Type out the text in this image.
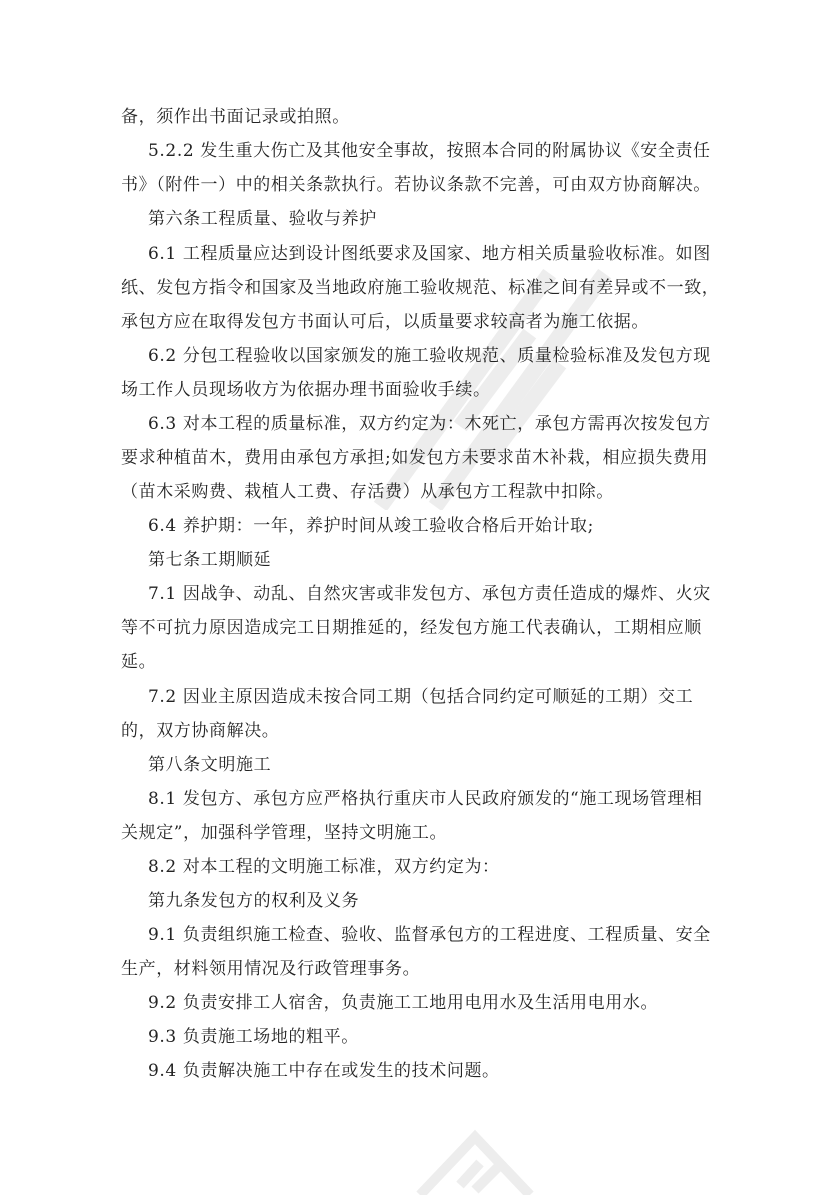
备，须作出书面记录或拍照。
5.2.2 发生重大伤亡及其他安全事故，按照本合同的附属协议《安全责任
书》（附件一）中的相关条款执行。若协议条款不完善，可由双方协商解决。
第六条工程质量、验收与养护
6.1 工程质量应达到设计图纸要求及国家、地方相关质量验收标准。如图
纸、发包方指令和国家及当地政府施工验收规范、标准之间有差异或不一致，
承包方应在取得发包方书面认可后，以质量要求较高者为施工依据。
6.2 分包工程验收以国家颁发的施工验收规范、质量检验标准及发包方现
场工作人员现场收方为依据办理书面验收手续。
6.3 对本工程的质量标准，双方约定为：木死亡，承包方需再次按发包方
要求种植苗木，费用由承包方承担;如发包方未要求苗木补栽，相应损失费用
（苗木采购费、栽植人工费、存活费）从承包方工程款中扣除。
6.4 养护期：一年，养护时间从竣工验收合格后开始计取;
第七条工期顺延
7.1 因战争、动乱、自然灾害或非发包方、承包方责任造成的爆炸、火灾
等不可抗力原因造成完工日期推延的，经发包方施工代表确认，工期相应顺
延。
7.2 因业主原因造成未按合同工期（包括合同约定可顺延的工期）交工
的，双方协商解决。
第八条文明施工
8.1 发包方、承包方应严格执行重庆市人民政府颁发的“施工现场管理相
关规定”，加强科学管理，坚持文明施工。
8.2 对本工程的文明施工标准，双方约定为：
第九条发包方的权利及义务
9.1 负责组织施工检查、验收、监督承包方的工程进度、工程质量、安全
生产，材料领用情况及行政管理事务。
9.2 负责安排工人宿舍，负责施工工地用电用水及生活用电用水。
9.3 负责施工场地的粗平。
9.4 负责解决施工中存在或发生的技术问题。
